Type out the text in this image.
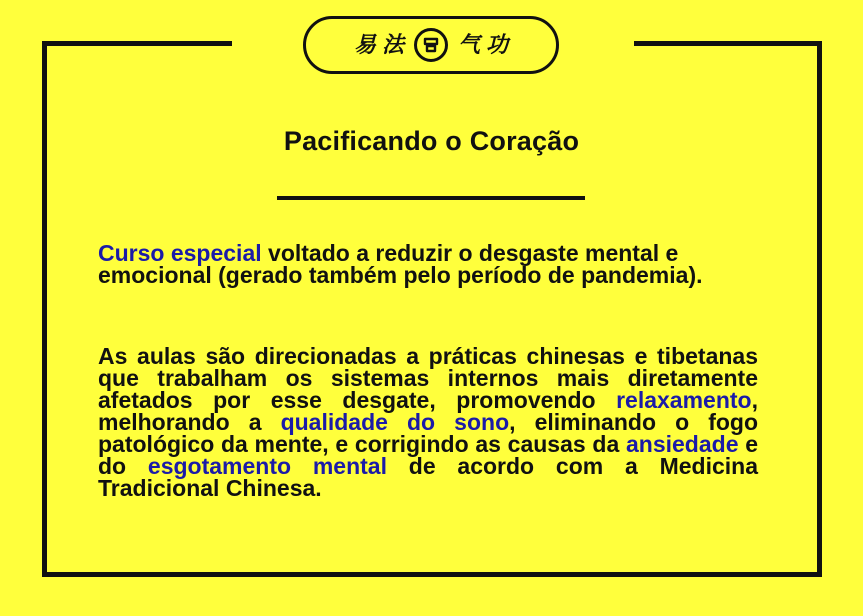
易 法 气 功
Pacificando o Coração
Curso especial voltado a reduzir o desgaste mental e emocional (gerado também pelo período de pandemia).
As aulas são direcionadas a práticas chinesas e tibetanas que trabalham os sistemas internos mais diretamente afetados por esse desgate, promovendo relaxamento, melhorando a qualidade do sono, eliminando o fogo patológico da mente, e corrigindo as causas da ansiedade e do esgotamento mental de acordo com a Medicina Tradicional Chinesa.
